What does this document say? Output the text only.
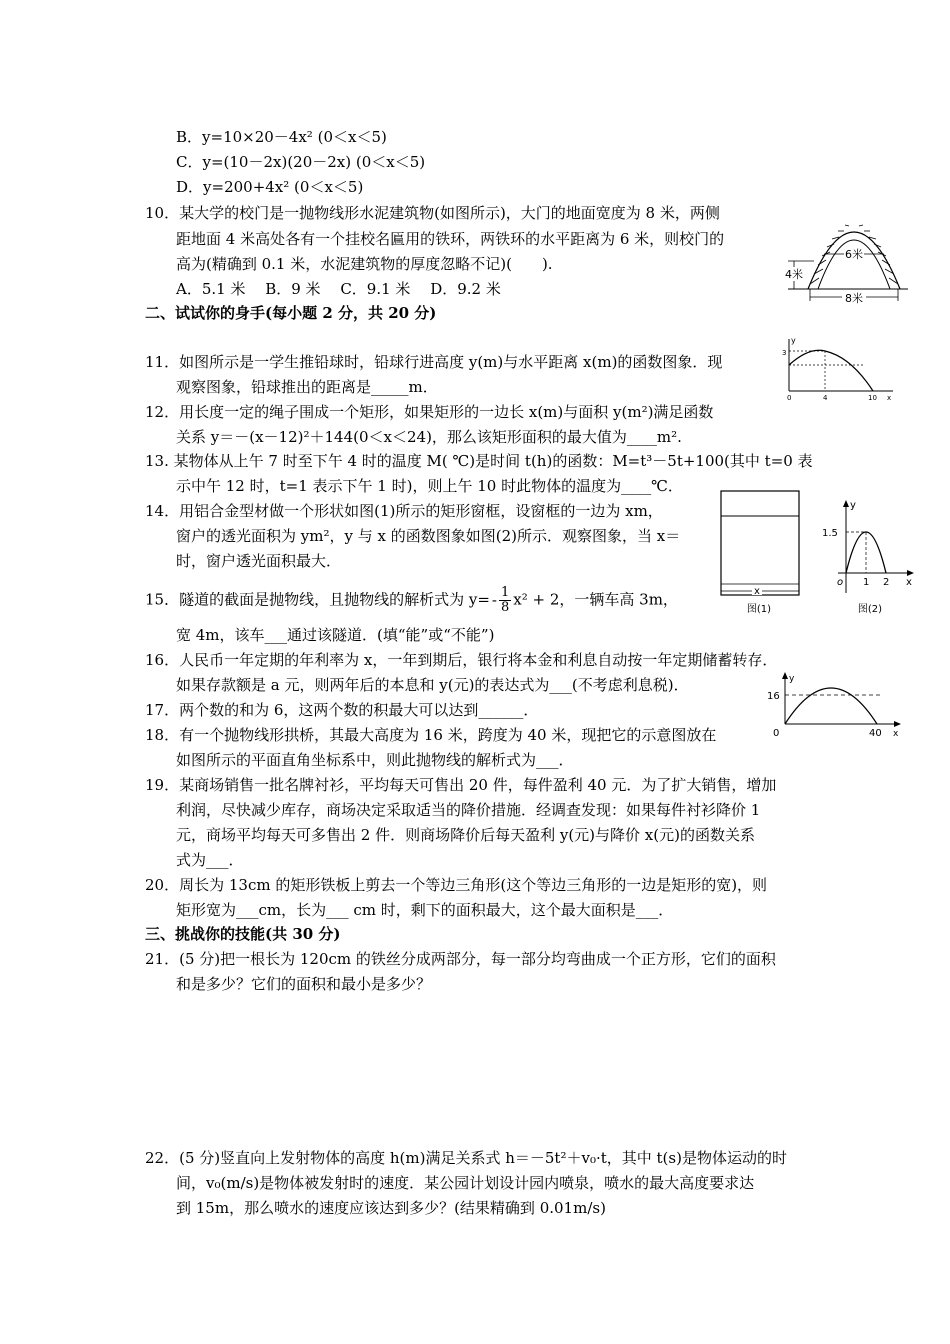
B．y=10×20－4x² (0＜x＜5)
C．y=(10－2x)(20－2x) (0＜x＜5)
D．y=200+4x² (0＜x＜5)
10．某大学的校门是一抛物线形水泥建筑物(如图所示)，大门的地面宽度为 8 米，两侧
距地面 4 米高处各有一个挂校名匾用的铁环，两铁环的水平距离为 6 米，则校门的
高为(精确到 0.1 米，水泥建筑物的厚度忽略不记)(　　).
A．5.1 米　 B．9 米　 C．9.1 米　 D．9.2 米
二、试试你的身手(每小题 2 分，共 20 分)
11．如图所示是一学生推铅球时，铅球行进高度 y(m)与水平距离 x(m)的函数图象．现
观察图象，铅球推出的距离是_____m．
12．用长度一定的绳子围成一个矩形，如果矩形的一边长 x(m)与面积 y(m²)满足函数
关系 y＝－(x－12)²＋144(0＜x＜24)，那么该矩形面积的最大值为____m².
13. 某物体从上午 7 时至下午 4 时的温度 M( ℃)是时间 t(h)的函数：M=t³－5t+100(其中 t=0 表
示中午 12 时，t=1 表示下午 1 时)，则上午 10 时此物体的温度为____℃．
14．用铝合金型材做一个形状如图(1)所示的矩形窗框，设窗框的一边为 xm，
窗户的透光面积为 ym²，y 与 x 的函数图象如图(2)所示．观察图象，当 x＝
时，窗户透光面积最大．
15．隧道的截面是抛物线，且抛物线的解析式为 $y= - \frac{1}{8} x^2 + 2$，一辆车高 3m，
宽 4m，该车___通过该隧道．(填“能”或“不能”)
16．人民币一年定期的年利率为 x，一年到期后，银行将本金和利息自动按一年定期储蓄转存．
如果存款额是 a 元，则两年后的本息和 y(元)的表达式为___(不考虑利息税)．
17．两个数的和为 6，这两个数的积最大可以达到______．
18．有一个抛物线形拱桥，其最大高度为 16 米，跨度为 40 米，现把它的示意图放在
如图所示的平面直角坐标系中，则此抛物线的解析式为___．
19．某商场销售一批名牌衬衫，平均每天可售出 20 件，每件盈利 40 元．为了扩大销售，增加
利润，尽快减少库存，商场决定采取适当的降价措施．经调查发现：如果每件衬衫降价 1
元，商场平均每天可多售出 2 件．则商场降价后每天盈利 y(元)与降价 x(元)的函数关系
式为___．
20．周长为 13cm 的矩形铁板上剪去一个等边三角形(这个等边三角形的一边是矩形的宽)，则
矩形宽为___cm，长为___ cm 时，剩下的面积最大，这个最大面积是___．
三、挑战你的技能(共 30 分)
21．(5 分)把一根长为 120cm 的铁丝分成两部分，每一部分均弯曲成一个正方形，它们的面积
和是多少？它们的面积和最小是多少？
22．(5 分)竖直向上发射物体的高度 h(m)满足关系式 h＝－5t²＋v₀·t，其中 t(s)是物体运动的时
间，v₀(m/s)是物体被发射时的速度．某公园计划设计园内喷泉，喷水的最大高度要求达
到 15m，那么喷水的速度应该达到多少？(结果精确到 0.01m/s)
6米
4米
8米
y
3
0	4	10 x
x
图(1)
y
1.5
o 1 2 x
图(2)
y
16
0	40 x
